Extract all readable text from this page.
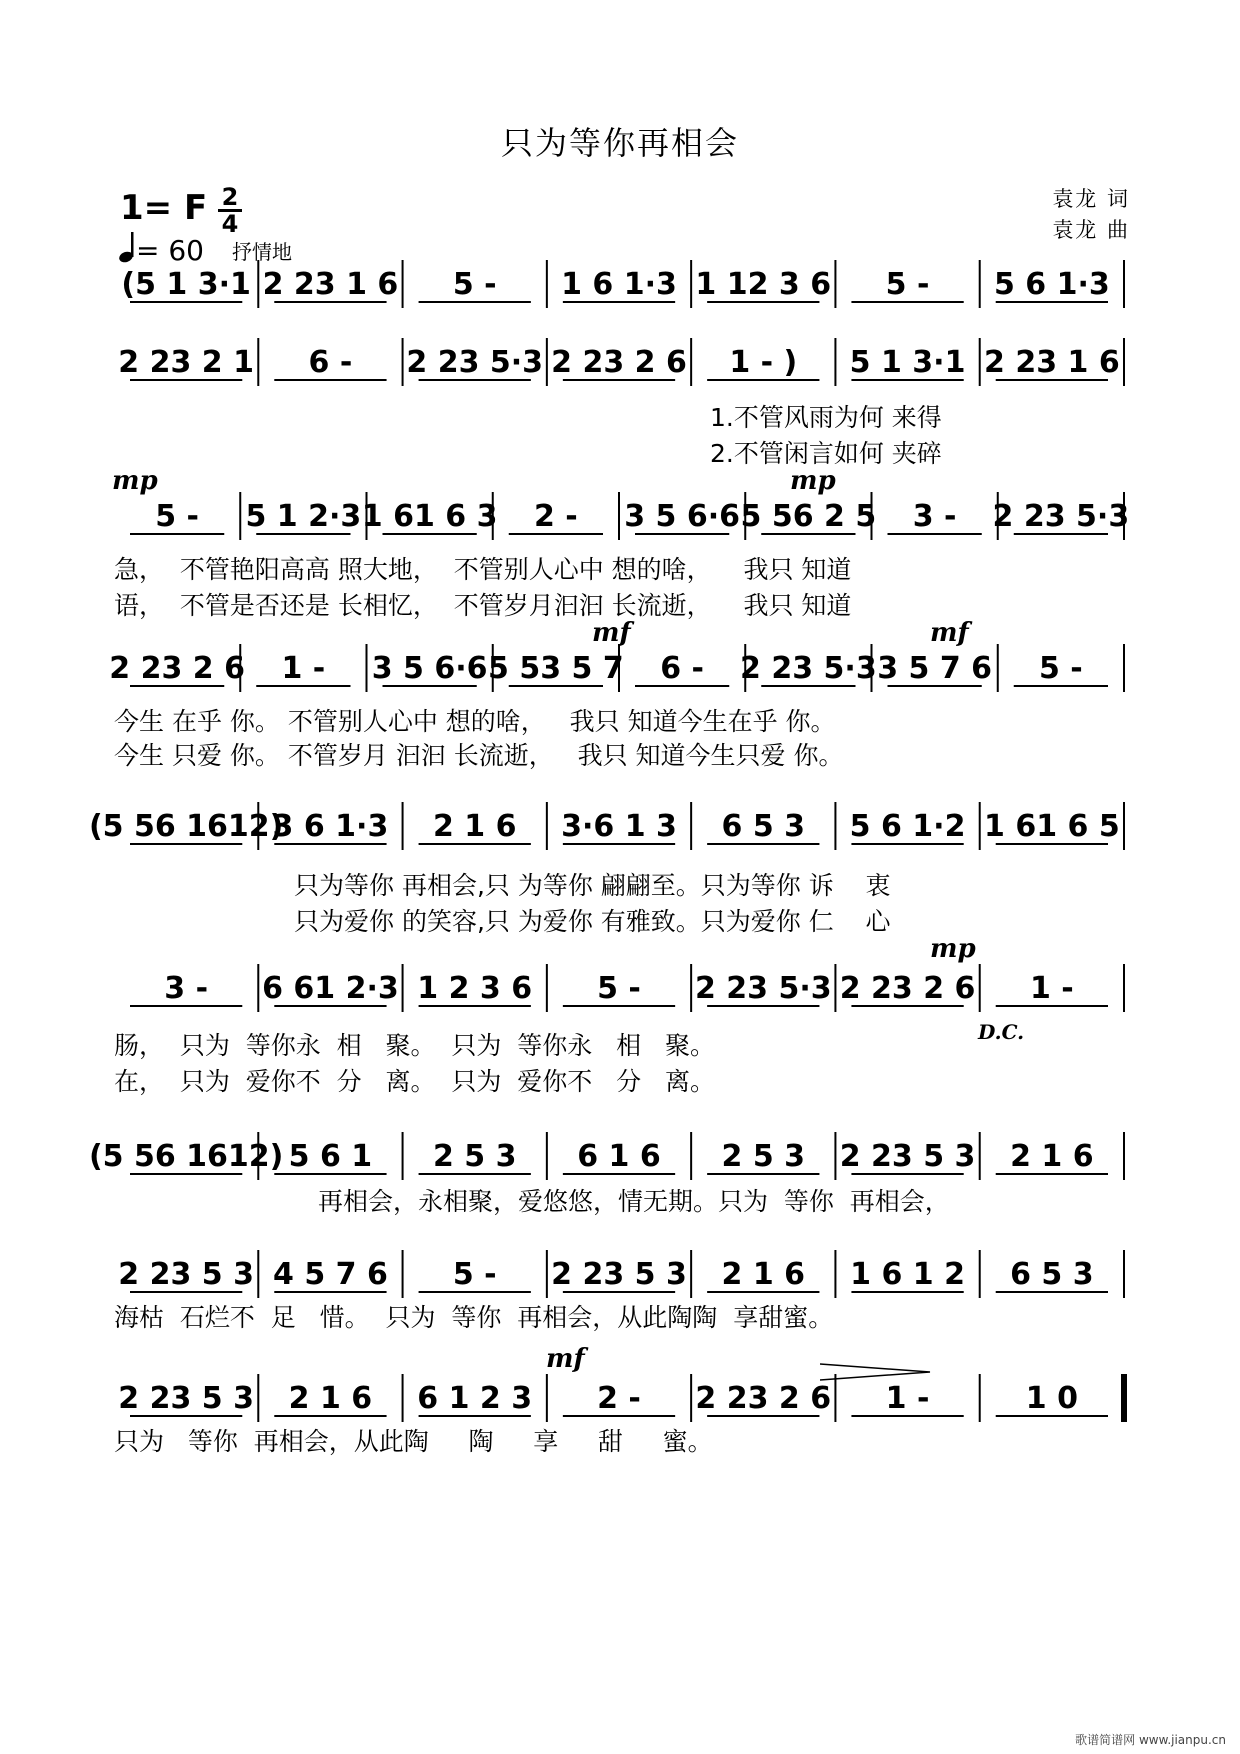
只为等你再相会
1= F 2
4
= 60 抒情地
袁龙 词
袁龙 曲
(5 1 3·1 2 23 1 6 5 - 1 6 1·3 1 12 3 6 5 - 5 6 1·3
2 23 2 1 6 - 2 23 5·3 2 23 2 6 1 - ) 5 1 3·1 2 23 1 6
5 - 5 1 2·3 1 61 6 3 2 - 3 5 6·6 5 56 2 5 3 - 2 23 5·3
2 23 2 6 1 - 3 5 6·6 5 53 5 7 6 - 2 23 5·3 3 5 7 6 5 -
(5 56 1612)
3 6 1·3 2 1 6 3·6 1 3 6 5 3 5 6 1·2 1 61 6 5
3 - 6 61 2·3 1 2 3 6 5 - 2 23 5·3 2 23 2 6 1 -
(5 56 1612) 5 6 1 2 5 3 6 1 6 2 5 3 2 23 5 3 2 1 6
2 23 5 3 4 5 7 6 5 - 2 23 5 3 2 1 6 1 6 1 2 6 5 3
2 23 5 3 2 1 6 6 1 2 3 2 - 2 23 2 6 1 -	1 0
1.不管风雨为何 来得
2.不管闲言如何 夹碎
急，  不管艳阳高高 照大地，  不管别人心中 想的啥，    我只 知道
语，  不管是否还是 长相忆，  不管岁月汩汩 长流逝，    我只 知道
今生 在乎 你。 不管别人心中 想的啥，   我只 知道今生在乎 你。
今生 只爱 你。 不管岁月 汩汩 长流逝，   我只 知道今生只爱 你。
只为等你 再相会,只 为等你 翩翩至。只为等你 诉    衷
只为爱你 的笑容,只 为爱你 有雅致。只为爱你 仁    心
肠，  只为  等你永  相   聚。  只为  等你永   相   聚。
在，  只为  爱你不  分   离。  只为  爱你不   分   离。
再相会，永相聚，爱悠悠，情无期。只为  等你  再相会，
海枯  石烂不  足   惜。  只为  等你  再相会，从此陶陶  享甜蜜。
只为   等你  再相会，从此陶     陶     享     甜     蜜。
mp	mp
mf	mf
mp
mf
D.C.
歌谱简谱网 www.jianpu.cn
